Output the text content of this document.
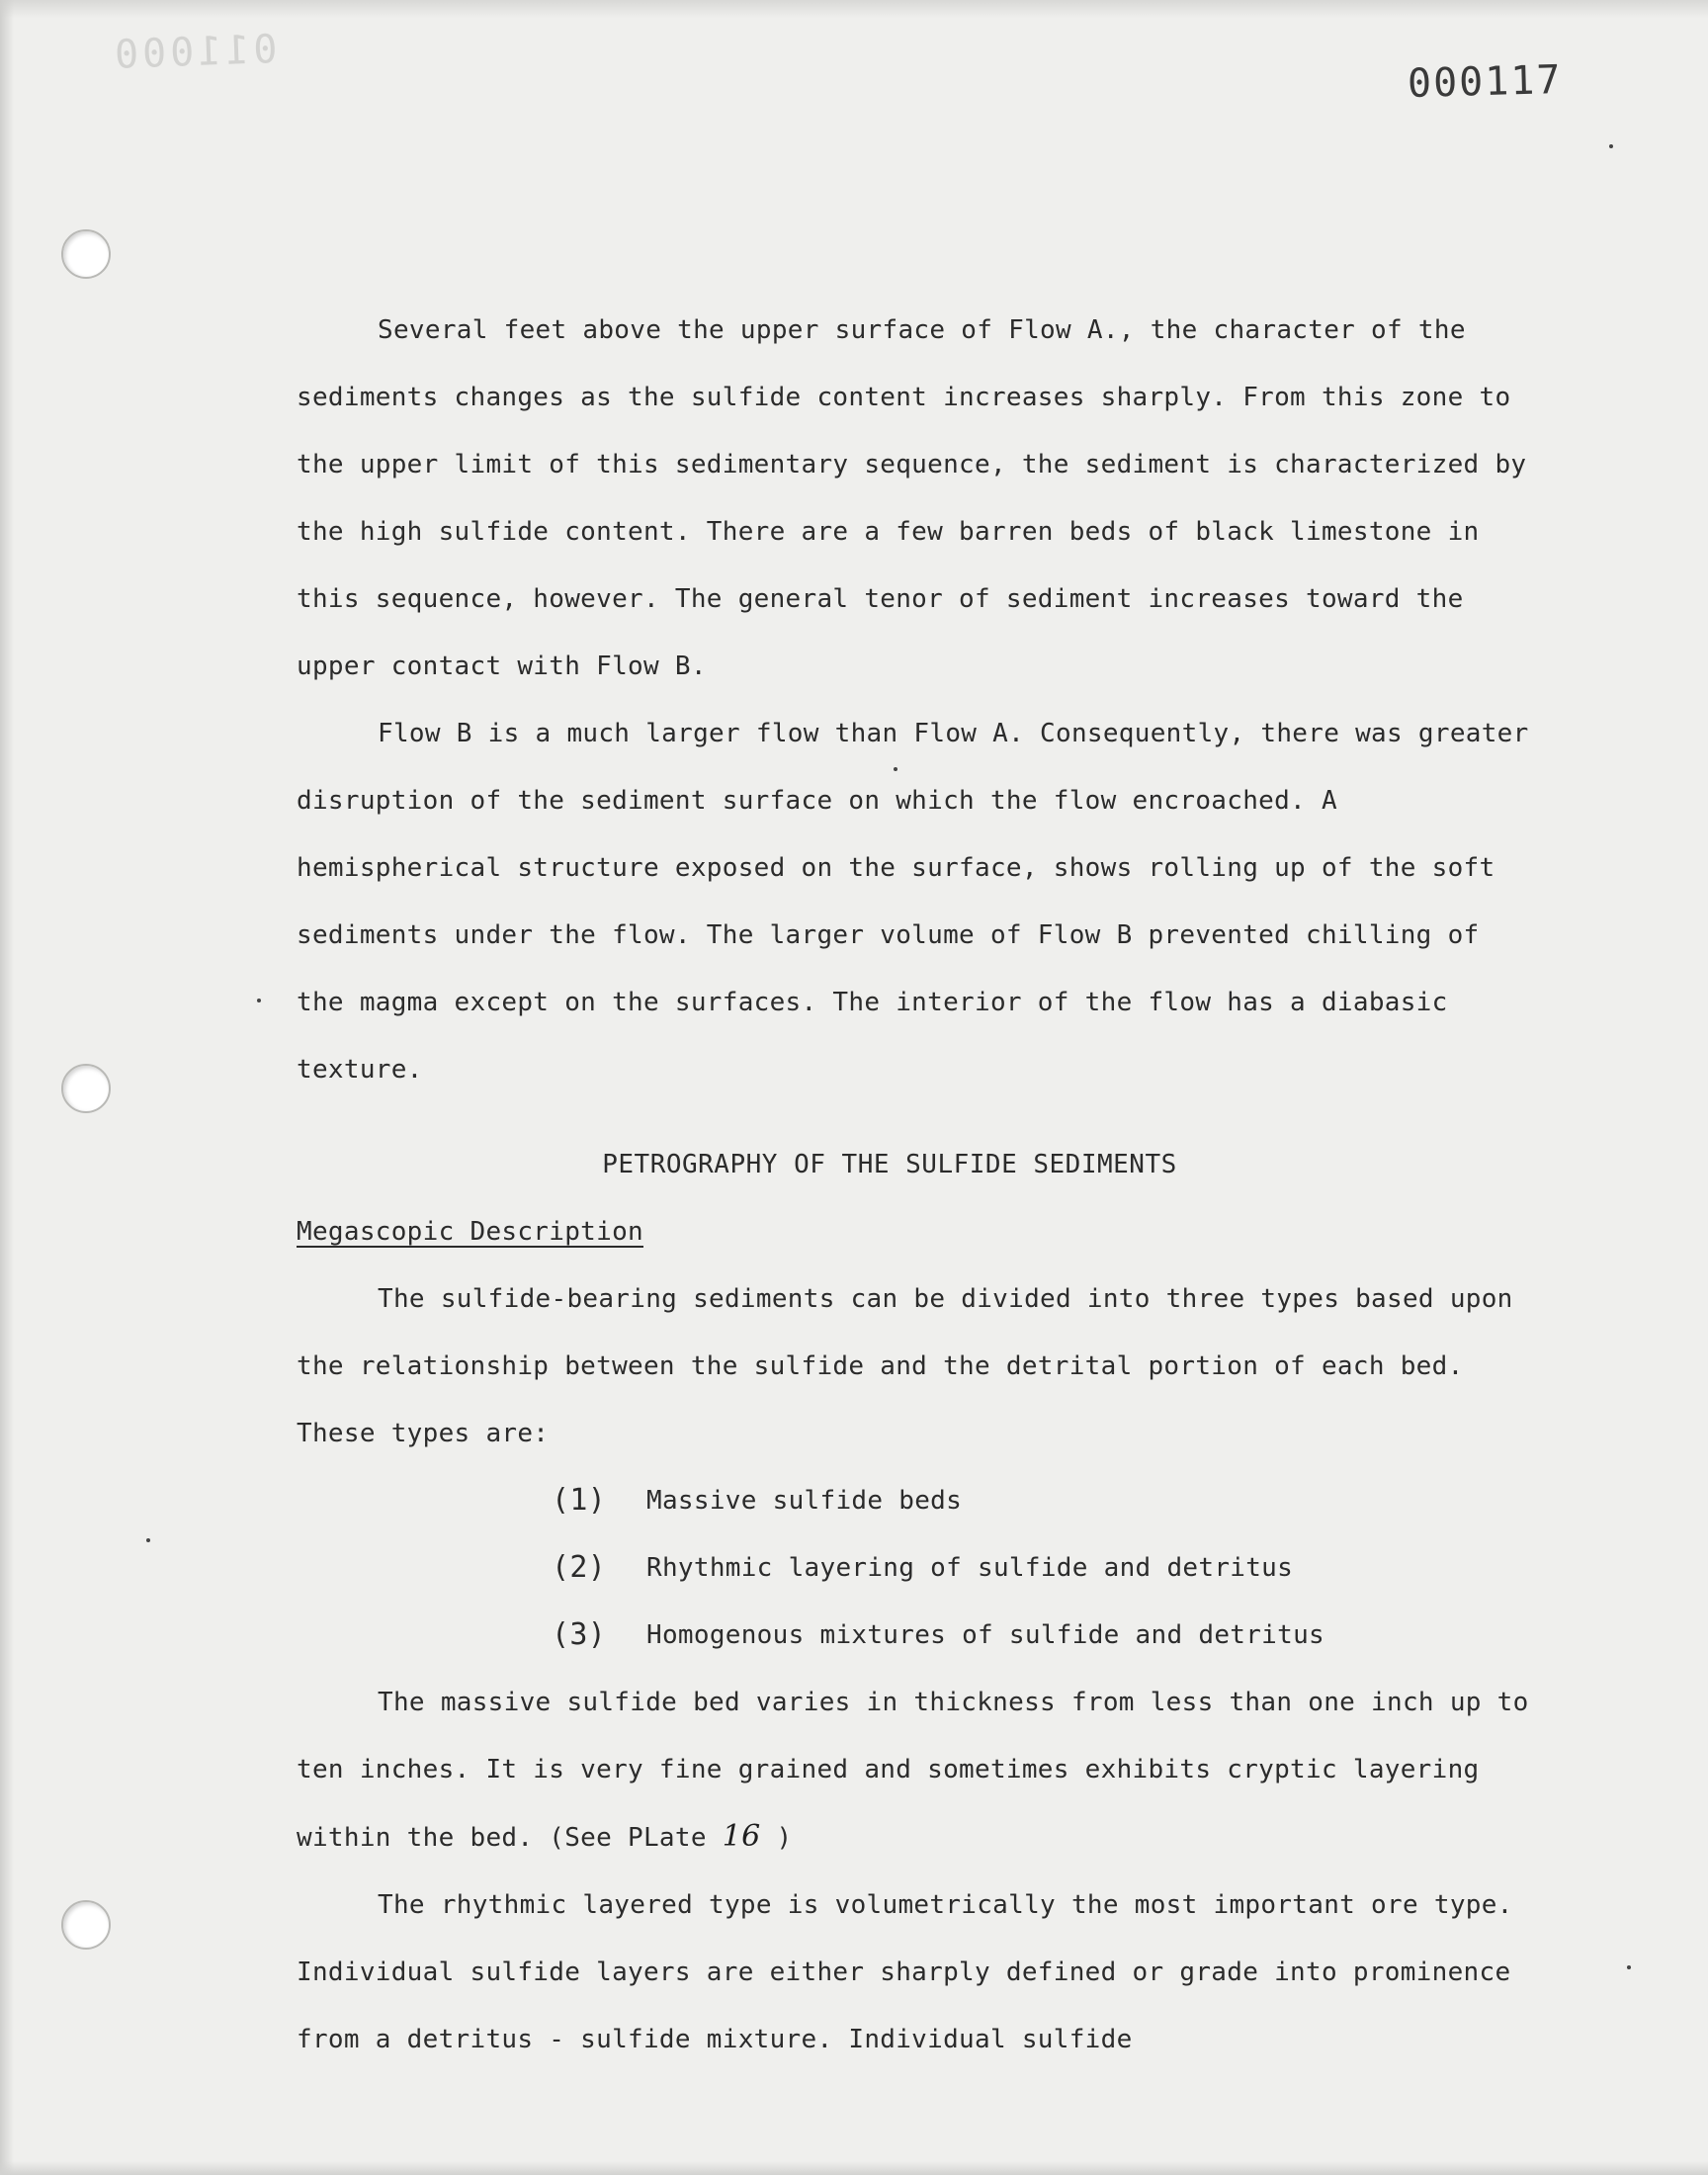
011000
000117

Several feet above the upper surface of Flow A., the character of the sediments changes as the sulfide content increases sharply. From this zone to the upper limit of this sedimentary sequence, the sediment is characterized by the high sulfide content. There are a few barren beds of black limestone in this sequence, however. The general tenor of sediment increases toward the upper contact with Flow B.

Flow B is a much larger flow than Flow A. Consequently, there was greater disruption of the sediment surface on which the flow encroached. A hemispherical structure exposed on the surface, shows rolling up of the soft sediments under the flow. The larger volume of Flow B prevented chilling of the magma except on the surfaces. The interior of the flow has a diabasic texture.

PETROGRAPHY OF THE SULFIDE SEDIMENTS

Megascopic Description

The sulfide-bearing sediments can be divided into three types based upon the relationship between the sulfide and the detrital portion of each bed. These types are:

(1) Massive sulfide beds
(2) Rhythmic layering of sulfide and detritus
(3) Homogenous mixtures of sulfide and detritus

The massive sulfide bed varies in thickness from less than one inch up to ten inches. It is very fine grained and sometimes exhibits cryptic layering within the bed. (See PLate 16 )

The rhythmic layered type is volumetrically the most important ore type. Individual sulfide layers are either sharply defined or grade into prominence from a detritus - sulfide mixture. Individual sulfide
